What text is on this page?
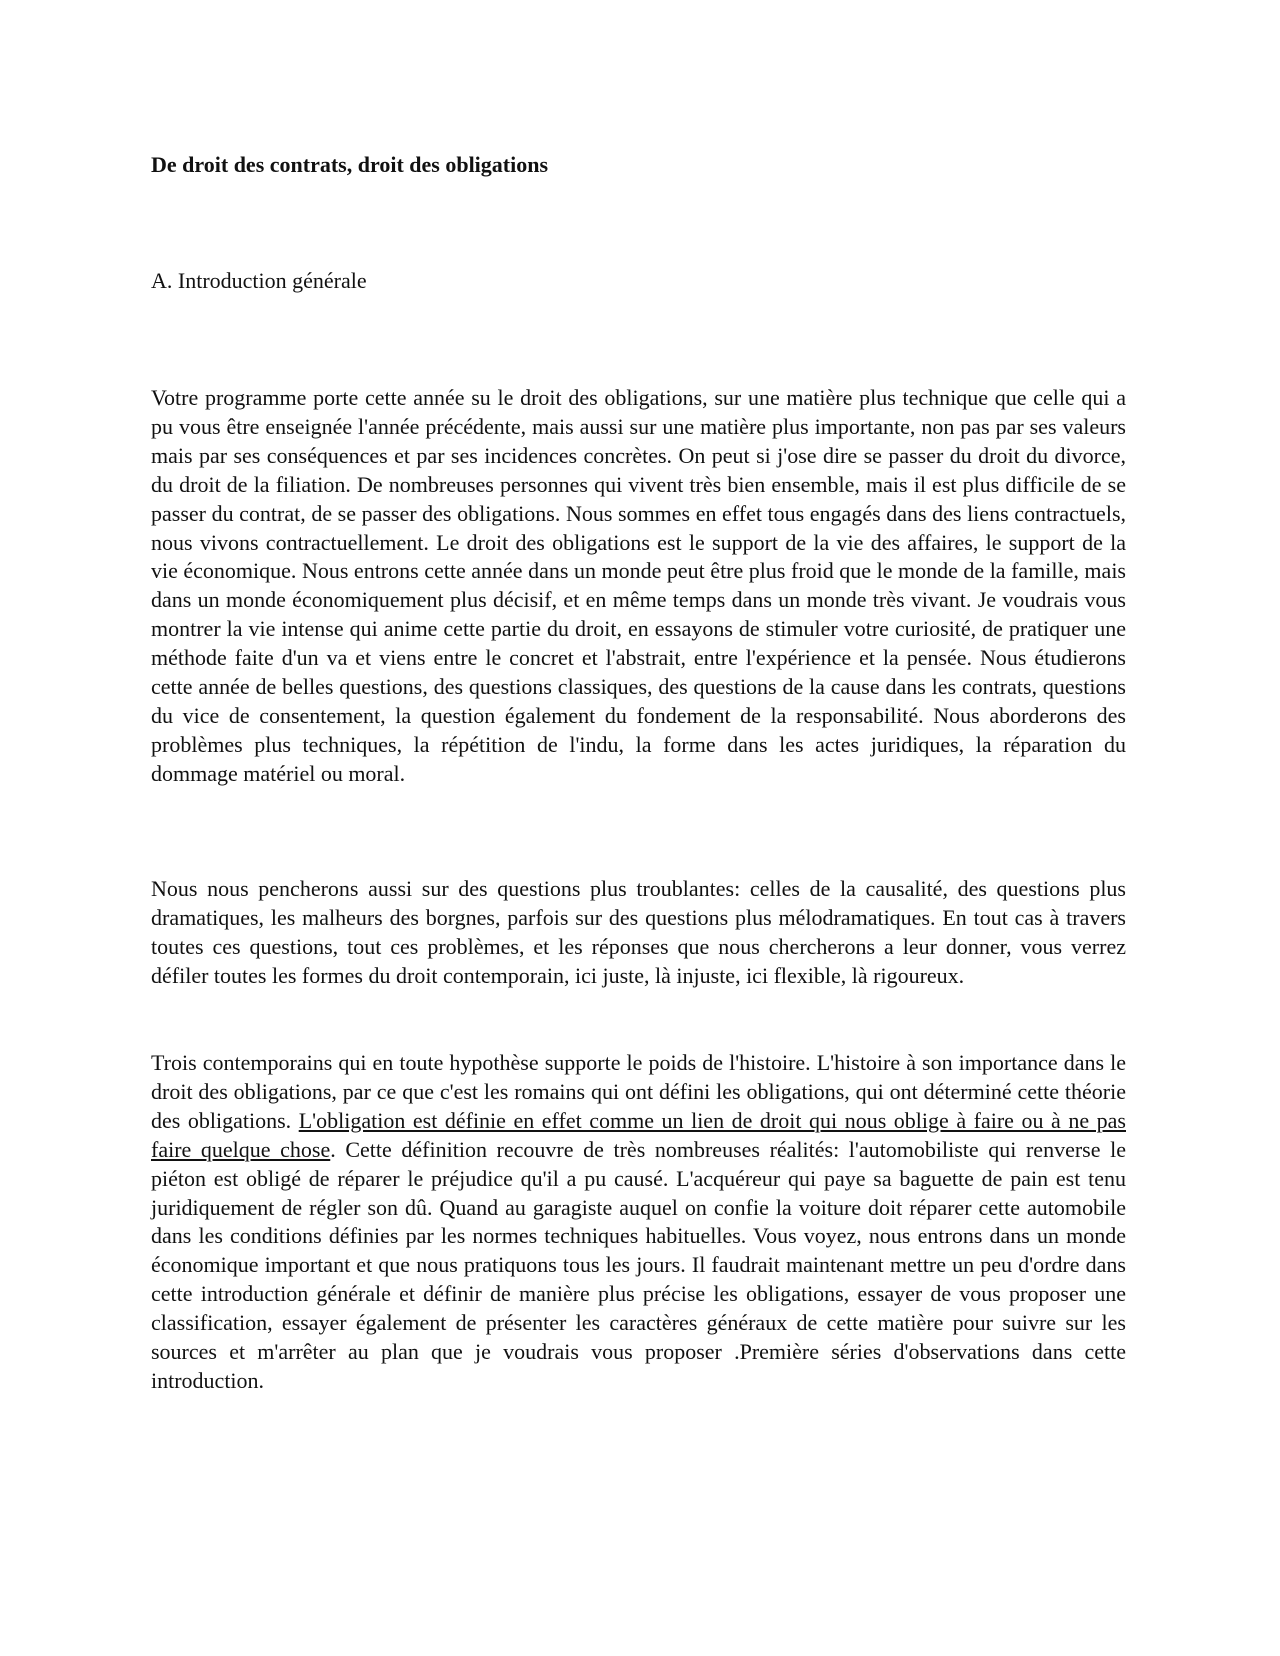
De droit des contrats, droit des obligations
A. Introduction générale

Votre programme porte cette année su le droit des obligations, sur une matière plus technique que celle qui a pu vous être enseignée l'année précédente, mais aussi sur une matière plus importante, non pas par ses valeurs mais par ses conséquences et par ses incidences concrètes. On peut si j'ose dire se passer du droit du divorce, du droit de la filiation. De nombreuses personnes qui vivent très bien ensemble, mais il est plus difficile de se passer du contrat, de se passer des obligations. Nous sommes en effet tous engagés dans des liens contractuels, nous vivons contractuellement. Le droit des obligations est le support de la vie des affaires, le support de la vie économique. Nous entrons cette année dans un monde peut être plus froid que le monde de la famille, mais dans un monde économiquement plus décisif, et en même temps dans un monde très vivant. Je voudrais vous montrer la vie intense qui anime cette partie du droit, en essayons de stimuler votre curiosité, de pratiquer une méthode faite d'un va et viens entre le concret et l'abstrait, entre l'expérience et la pensée. Nous étudierons cette année de belles questions, des questions classiques, des questions de la cause dans les contrats, questions du vice de consentement, la question également du fondement de la responsabilité. Nous aborderons des problèmes plus techniques, la répétition de l'indu, la forme dans les actes juridiques, la réparation du dommage matériel ou moral.

Nous nous pencherons aussi sur des questions plus troublantes: celles de la causalité, des questions plus dramatiques, les malheurs des borgnes, parfois sur des questions plus mélodramatiques. En tout cas à travers toutes ces questions, tout ces problèmes, et les réponses que nous chercherons a leur donner, vous verrez défiler toutes les formes du droit contemporain, ici juste, là injuste, ici flexible, là rigoureux.

Trois contemporains qui en toute hypothèse supporte le poids de l'histoire. L'histoire à son importance dans le droit des obligations, par ce que c'est les romains qui ont défini les obligations, qui ont déterminé cette théorie des obligations. L'obligation est définie en effet comme un lien de droit qui nous oblige à faire ou à ne pas faire quelque chose. Cette définition recouvre de très nombreuses réalités: l'automobiliste qui renverse le piéton est obligé de réparer le préjudice qu'il a pu causé. L'acquéreur qui paye sa baguette de pain est tenu juridiquement de régler son dû. Quand au garagiste auquel on confie la voiture doit réparer cette automobile dans les conditions définies par les normes techniques habituelles. Vous voyez, nous entrons dans un monde économique important et que nous pratiquons tous les jours. Il faudrait maintenant mettre un peu d'ordre dans cette introduction générale et définir de manière plus précise les obligations, essayer de vous proposer une classification, essayer également de présenter les caractères généraux de cette matière pour suivre sur les sources et m'arrêter au plan que je voudrais vous proposer .Première séries d'observations dans cette introduction.
